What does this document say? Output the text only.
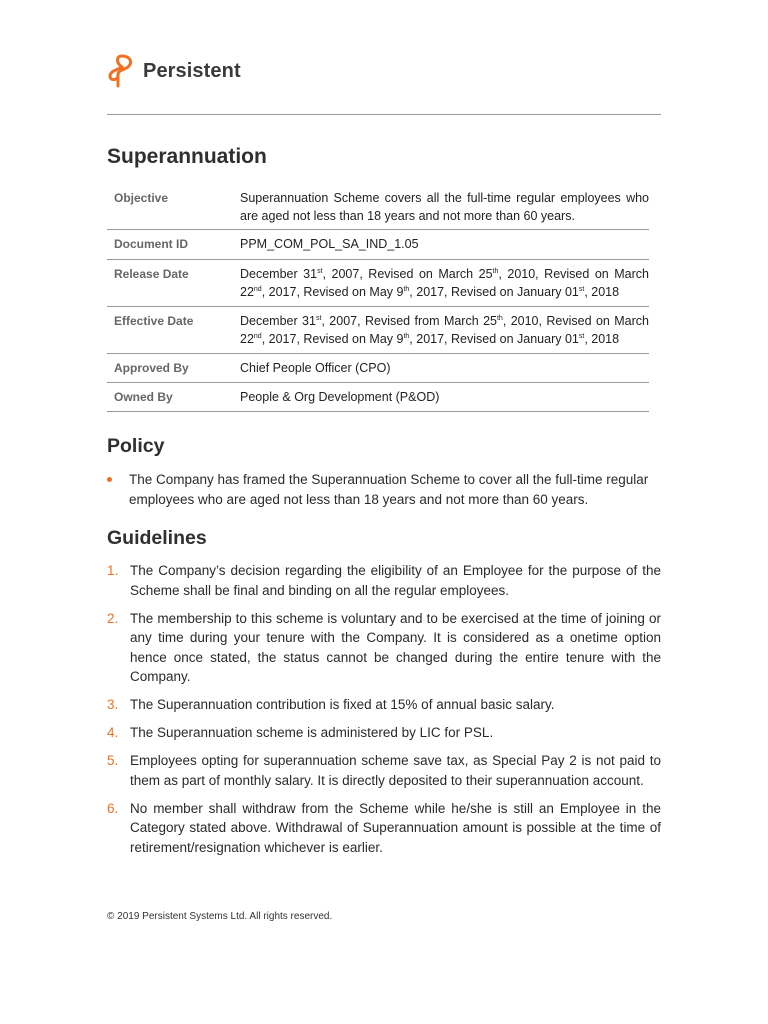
Persistent
Superannuation
Objective	Superannuation Scheme covers all the full-time regular employees who are aged not less than 18 years and not more than 60 years.
Document ID	PPM_COM_POL_SA_IND_1.05
Release Date	December 31st, 2007, Revised on March 25th, 2010, Revised on March 22nd, 2017, Revised on May 9th, 2017, Revised on January 01st, 2018
Effective Date	December 31st, 2007, Revised from March 25th, 2010, Revised on March 22nd, 2017, Revised on May 9th, 2017, Revised on January 01st, 2018
Approved By	Chief People Officer (CPO)
Owned By	People & Org Development (P&OD)
Policy
The Company has framed the Superannuation Scheme to cover all the full-time regular employees who are aged not less than 18 years and not more than 60 years.
Guidelines
1. The Company’s decision regarding the eligibility of an Employee for the purpose of the Scheme shall be final and binding on all the regular employees.
2. The membership to this scheme is voluntary and to be exercised at the time of joining or any time during your tenure with the Company. It is considered as a onetime option hence once stated, the status cannot be changed during the entire tenure with the Company.
3. The Superannuation contribution is fixed at 15% of annual basic salary.
4. The Superannuation scheme is administered by LIC for PSL.
5. Employees opting for superannuation scheme save tax, as Special Pay 2 is not paid to them as part of monthly salary. It is directly deposited to their superannuation account.
6. No member shall withdraw from the Scheme while he/she is still an Employee in the Category stated above. Withdrawal of Superannuation amount is possible at the time of retirement/resignation whichever is earlier.
© 2019 Persistent Systems Ltd. All rights reserved.
